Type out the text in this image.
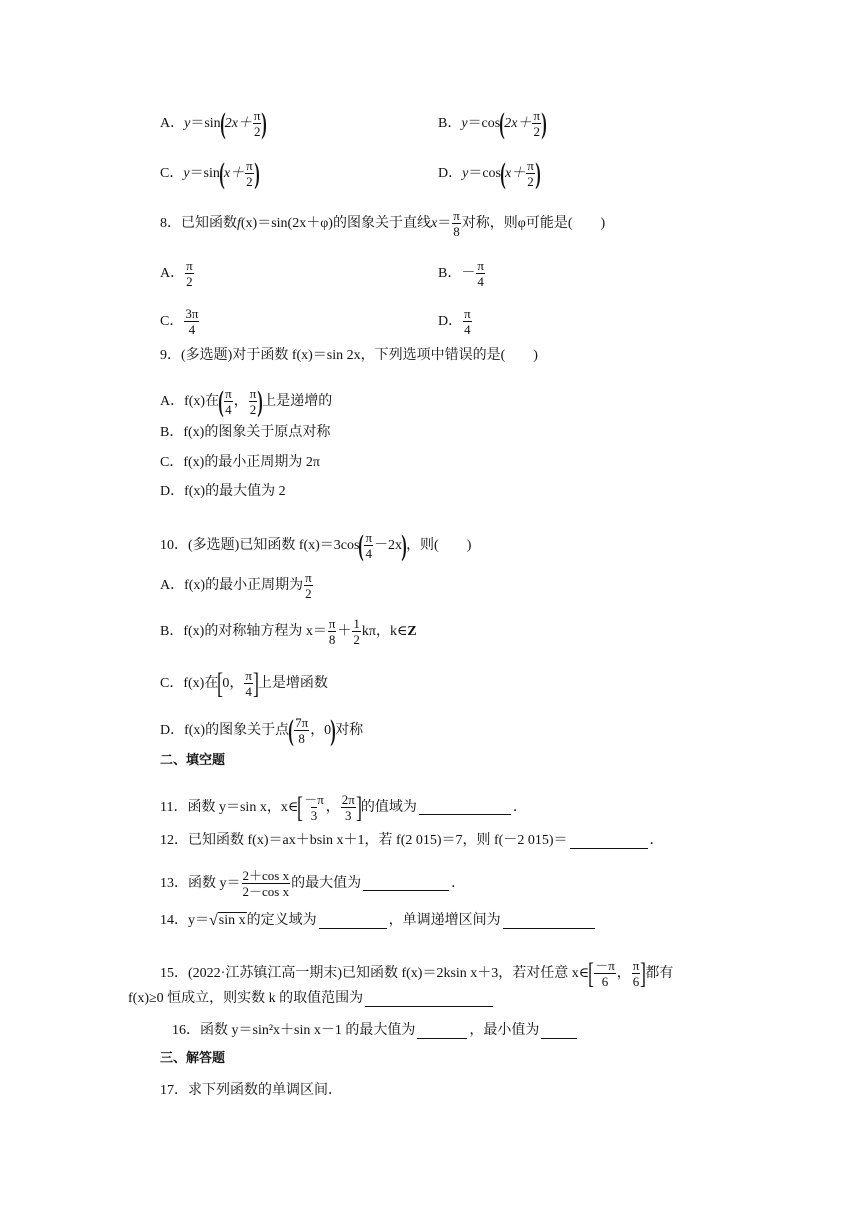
A． y ＝sin ( $2x+ \frac{\pi}{2}$ )	B． y ＝cos ( $2x+ \frac{\pi}{2}$ )
C． y ＝sin ( $x+ \frac{\pi}{2}$ )	D． y ＝cos ( $x+ \frac{\pi}{2}$ )
8．已知函数 f (x)＝sin(2x＋φ)的图象关于直线 $x = \frac{\pi}{8}$ 对称，则φ可能是(　　)
A． $\frac{\pi}{2}$	B． － $\frac{\pi}{4}$
C． $\frac{3\pi}{4}$	D． $\frac{\pi}{4}$
9．(多选题)对于函数 f(x)＝sin 2x，下列选项中错误的是(　　)
A．f(x)在 ( $\frac{\pi}{4}$ ， $\frac{\pi}{2}$ ) 上是递增的
B．f(x)的图象关于原点对称
C．f(x)的最小正周期为 2π
D．f(x)的最大值为 2
10．(多选题)已知函数 f(x)＝3cos ( $\frac{\pi}{4} -2x$ ) ，则(　　)
A．f(x)的最小正周期为 $\frac{\pi}{2}$
B．f(x)的对称轴方程为 $x= \frac{\pi}{8} + \frac{1}{2}$ kπ，k∈ Z
C．f(x)在 [ 0， $\frac{\pi}{4}$ ] 上是增函数
D．f(x)的图象关于点 ( $\frac{7\pi}{8}$ ，0 ) 对称
二、填空题
11．函数 y＝sin x，x∈ [ $\frac{-\pi}{3}$ ， $\frac{2\pi}{3}$ ] 的值域为	．
12．已知函数 f(x)＝ax＋bsin x＋1，若 f(2 015)＝7，则 f(－2 015)＝	．
13．函数 $y= \frac{\text{2＋cos x}}{\text{2－cos x}}$ 的最大值为	．
14．y＝ √ sin x 的定义域为	，单调递增区间为
15．(2022·江苏镇江高一期末)已知函数 f(x)＝2ksin x＋3，若对任意 x∈ [ $\frac{-\pi}{6}$ ， $\frac{\pi}{6}$ ] 都有
f(x)≥0 恒成立，则实数 k 的取值范围为
16．函数 y＝sin²x＋sin x－1 的最大值为	，最小值为
三、解答题
17．求下列函数的单调区间．
